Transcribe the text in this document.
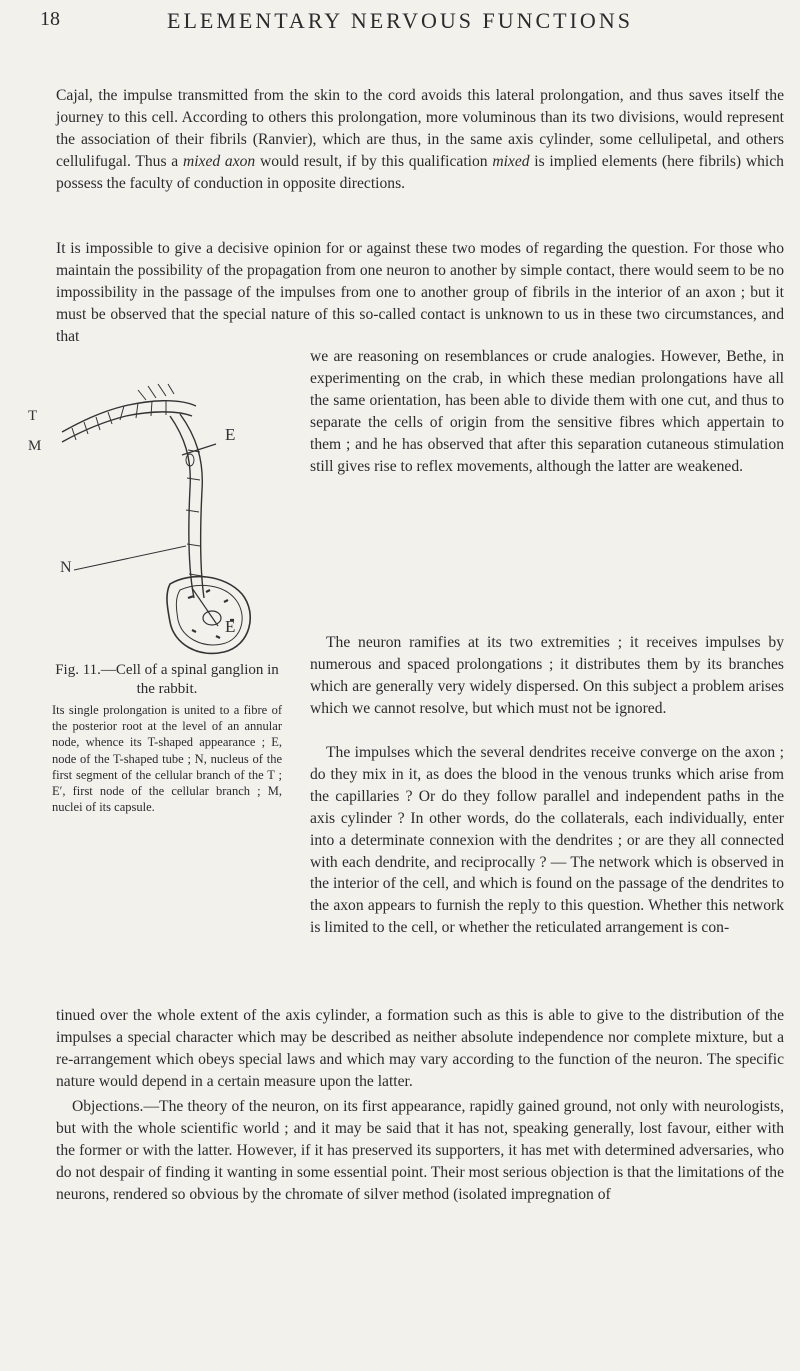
18	ELEMENTARY NERVOUS FUNCTIONS

Cajal, the impulse transmitted from the skin to the cord avoids this lateral prolongation, and thus saves itself the journey to this cell. According to others this prolongation, more voluminous than its two divisions, would represent the association of their fibrils (Ranvier), which are thus, in the same axis cylinder, some cellulipetal, and others cellulifugal. Thus a mixed axon would result, if by this qualification mixed is implied elements (here fibrils) which possess the faculty of conduction in opposite directions.

It is impossible to give a decisive opinion for or against these two modes of regarding the question. For those who maintain the possibility of the propagation from one neuron to another by simple contact, there would seem to be no impossibility in the passage of the impulses from one to another group of fibrils in the interior of an axon ; but it must be observed that the special nature of this so-called contact is unknown to us in these two circumstances, and that

we are reasoning on resemblances or crude analogies. However, Bethe, in experimenting on the crab, in which these median prolongations have all the same orientation, has been able to divide them with one cut, and thus to separate the cells of origin from the sensitive fibres which appertain to them ; and he has observed that after this separation cutaneous stimulation still gives rise to reflex movements, although the latter are weakened.

The neuron ramifies at its two extremities ; it receives impulses by numerous and spaced prolongations ; it distributes them by its branches which are generally very widely dispersed. On this subject a problem arises which we cannot resolve, but which must not be ignored.

The impulses which the several dendrites receive converge on the axon ; do they mix in it, as does the blood in the venous trunks which arise from the capillaries ? Or do they follow parallel and independent paths in the axis cylinder ? In other words, do the collaterals, each individually, enter into a determinate connexion with the dendrites ; or are they all connected with each dendrite, and reciprocally ? — The network which is observed in the interior of the cell, and which is found on the passage of the dendrites to the axon appears to furnish the reply to this question. Whether this network is limited to the cell, or whether the reticulated arrangement is con-

tinued over the whole extent of the axis cylinder, a formation such as this is able to give to the distribution of the impulses a special character which may be described as neither absolute independence nor complete mixture, but a re-arrangement which obeys special laws and which may vary according to the function of the neuron. The specific nature would depend in a certain measure upon the latter.

Objections.—The theory of the neuron, on its first appearance, rapidly gained ground, not only with neurologists, but with the whole scientific world ; and it may be said that it has not, speaking generally, lost favour, either with the former or with the latter. However, if it has preserved its supporters, it has met with determined adversaries, who do not despair of finding it wanting in some essential point. Their most serious objection is that the limitations of the neurons, rendered so obvious by the chromate of silver method (isolated impregnation of

T
M
E
N
E
Fig. 11.—Cell of a spinal ganglion in the rabbit.
Its single prolongation is united to a fibre of the posterior root at the level of an annular node, whence its T-shaped appearance ; E, node of the T-shaped tube ; N, nucleus of the first segment of the cellular branch of the T ; E′, first node of the cellular branch ; M, nuclei of its capsule.
